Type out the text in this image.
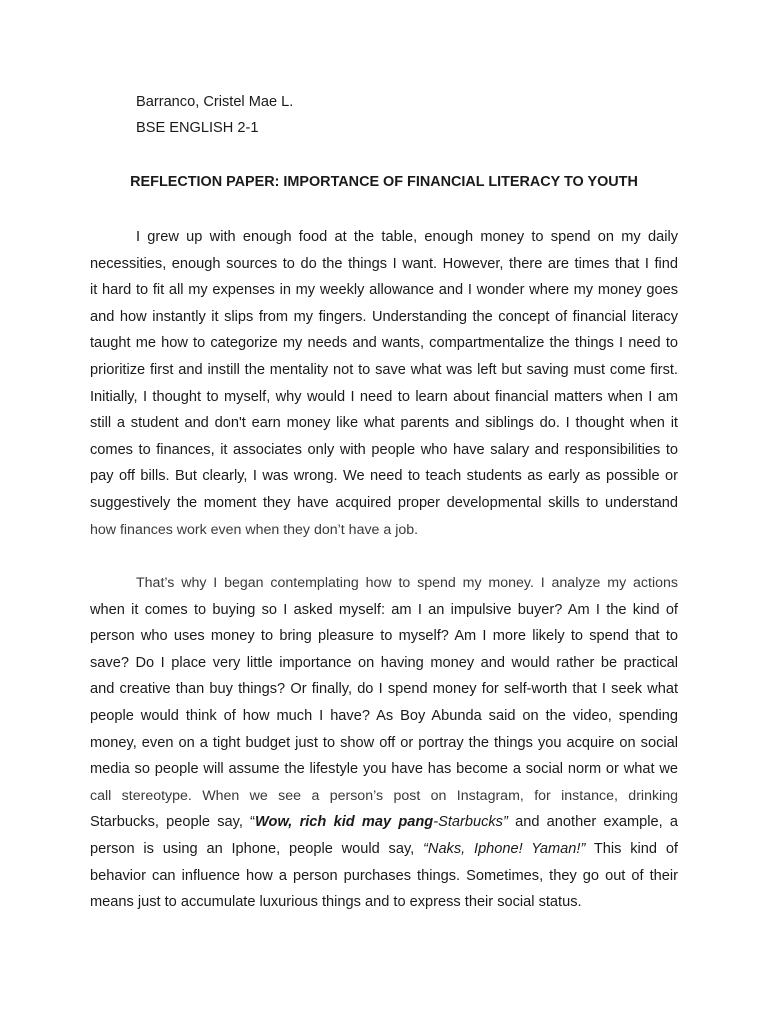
Barranco, Cristel Mae L.
BSE ENGLISH 2-1
REFLECTION PAPER: IMPORTANCE OF FINANCIAL LITERACY TO YOUTH
I grew up with enough food at the table, enough money to spend on my daily
necessities, enough sources to do the things I want. However, there are times that I find
it hard to fit all my expenses in my weekly allowance and I wonder where my money goes
and how instantly it slips from my fingers. Understanding the concept of financial literacy
taught me how to categorize my needs and wants, compartmentalize the things I need to
prioritize first and instill the mentality not to save what was left but saving must come first.
Initially, I thought to myself, why would I need to learn about financial matters when I am
still a student and don't earn money like what parents and siblings do. I thought when it
comes to finances, it associates only with people who have salary and responsibilities to
pay off bills. But clearly, I was wrong. We need to teach students as early as possible or
suggestively the moment they have acquired proper developmental skills to understand
how finances work even when they don’t have a job.
That’s why I began contemplating how to spend my money. I analyze my actions
when it comes to buying so I asked myself: am I an impulsive buyer? Am I the kind of
person who uses money to bring pleasure to myself? Am I more likely to spend that to
save? Do I place very little importance on having money and would rather be practical
and creative than buy things? Or finally, do I spend money for self-worth that I seek what
people would think of how much I have? As Boy Abunda said on the video, spending
money, even on a tight budget just to show off or portray the things you acquire on social
media so people will assume the lifestyle you have has become a social norm or what we
call stereotype. When we see a person’s post on Instagram, for instance, drinking
Starbucks, people say, “Wow, rich kid may pang-Starbucks” and another example, a
person is using an Iphone, people would say, “Naks, Iphone! Yaman!” This kind of
behavior can influence how a person purchases things. Sometimes, they go out of their
means just to accumulate luxurious things and to express their social status.
